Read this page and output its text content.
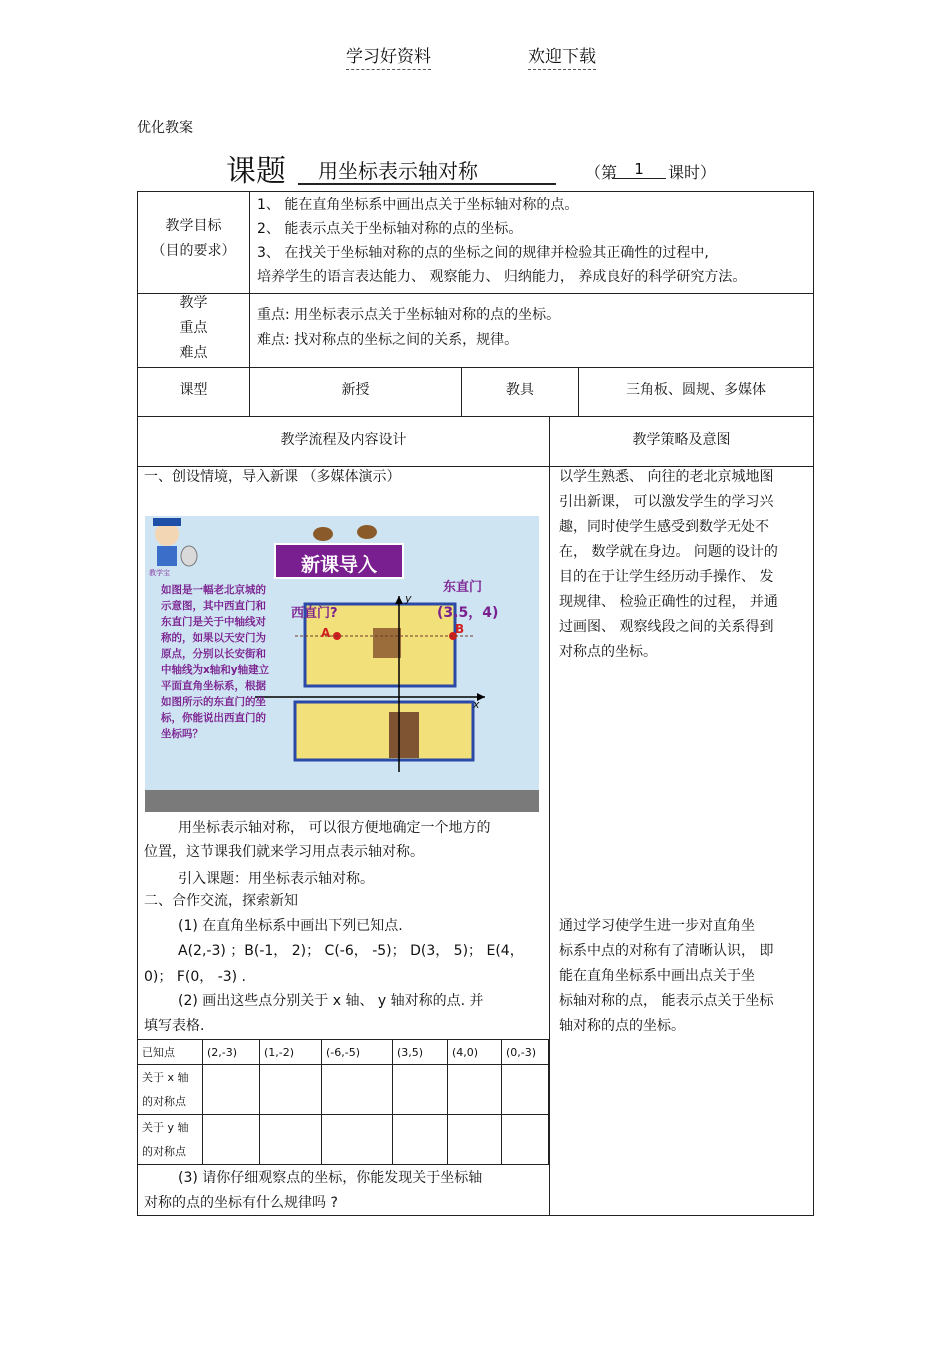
学习好资料	欢迎下载
优化教案
课题 用坐标表示轴对称	（第	1	课时）
教学目标
（目的要求）
1、 能在直角坐标系中画出点关于坐标轴对称的点。
2、 能表示点关于坐标轴对称的点的坐标。
3、 在找关于坐标轴对称的点的坐标之间的规律并检验其正确性的过程中,
培养学生的语言表达能力、 观察能力、 归纳能力， 养成良好的科学研究方法。
教学
重点
难点
重点: 用坐标表示点关于坐标轴对称的点的坐标。
难点: 找对称点的坐标之间的关系，规律。
课型	新授	教具	三角板、圆规、多媒体
教学流程及内容设计	教学策略及意图
一、创设情境，导入新课 （多媒体演示）
新课导入
东直门
(3.5，4)
西直门?
A	B
x
y
教学宝
如图是一幅老北京城的示意图，其中西直门和东直门是关于中轴线对称的，如果以天安门为原点，分别以长安街和中轴线为x轴和y轴建立平面直角坐标系，根据如图所示的东直门的坐标，你能说出西直门的坐标吗？
用坐标表示轴对称， 可以很方便地确定一个地方的
位置，这节课我们就来学习用点表示轴对称。
引入课题：用坐标表示轴对称。
二、合作交流，探索新知
(1) 在直角坐标系中画出下列已知点.
A(2,-3) ；B(-1， 2)； C(-6， -5)； D(3， 5)； E(4，
0)； F(0， -3) .
(2) 画出这些点分别关于 x 轴、 y 轴对称的点. 并
填写表格.
已知点	(2,-3)	(1,-2)	(-6,-5)	(3,5)	(4,0)	(0,-3)

关于 x 轴
的对称点						

关于 y 轴
的对称点						

(3) 请你仔细观察点的坐标，你能发现关于坐标轴
对称的点的坐标有什么规律吗 ?
以学生熟悉、 向往的老北京城地图
引出新课， 可以激发学生的学习兴
趣，同时使学生感受到数学无处不
在， 数学就在身边。 问题的设计的
目的在于让学生经历动手操作、 发
现规律、 检验正确性的过程， 并通
过画图、 观察线段之间的关系得到
对称点的坐标。
通过学习使学生进一步对直角坐
标系中点的对称有了清晰认识， 即
能在直角坐标系中画出点关于坐
标轴对称的点， 能表示点关于坐标
轴对称的点的坐标。
